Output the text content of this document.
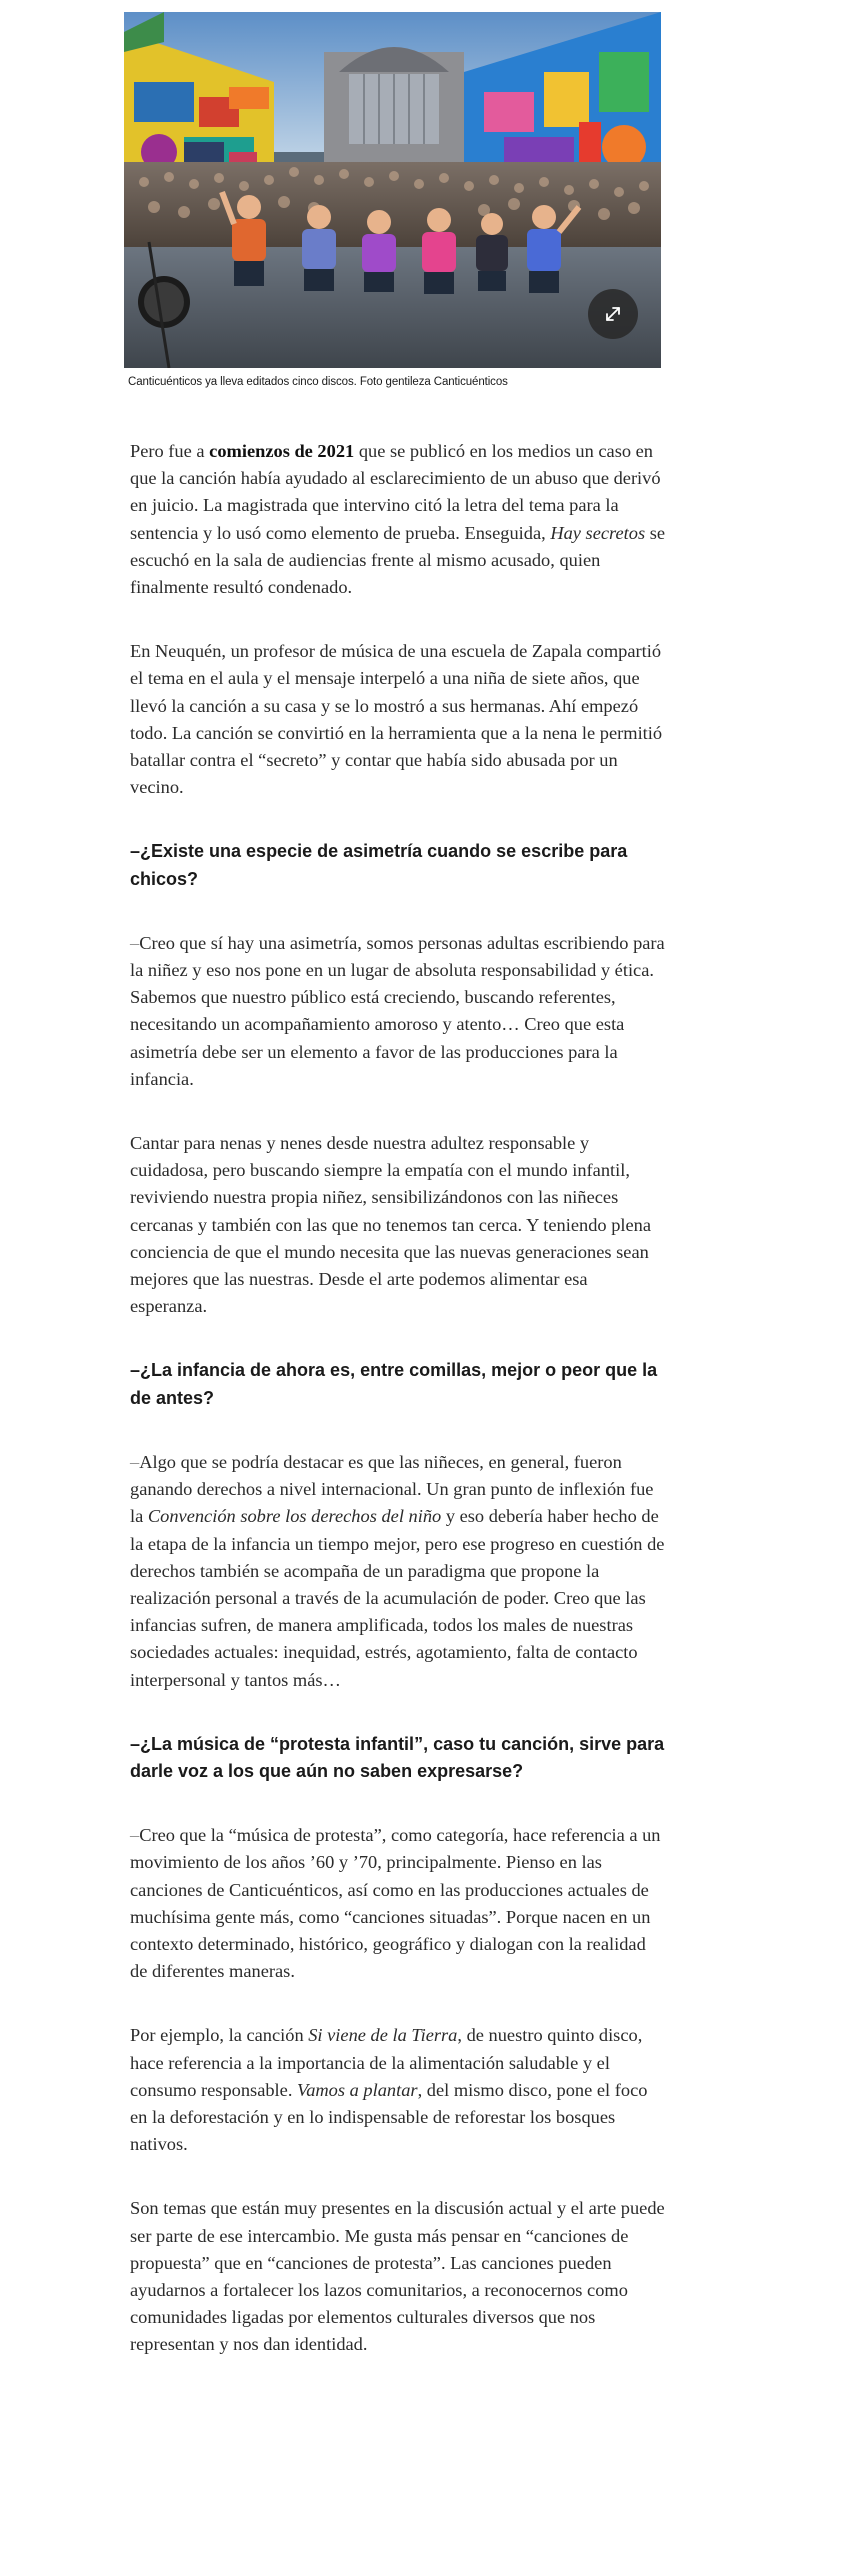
Canticuénticos ya lleva editados cinco discos. Foto gentileza Canticuénticos

Pero fue a comienzos de 2021 que se publicó en los medios un caso en que la canción había ayudado al esclarecimiento de un abuso que derivó en juicio. La magistrada que intervino citó la letra del tema para la sentencia y lo usó como elemento de prueba. Enseguida, Hay secretos se escuchó en la sala de audiencias frente al mismo acusado, quien finalmente resultó condenado.

En Neuquén, un profesor de música de una escuela de Zapala compartió el tema en el aula y el mensaje interpeló a una niña de siete años, que llevó la canción a su casa y se lo mostró a sus hermanas. Ahí empezó todo. La canción se convirtió en la herramienta que a la nena le permitió batallar contra el “secreto” y contar que había sido abusada por un vecino.

–¿Existe una especie de asimetría cuando se escribe para chicos?

–Creo que sí hay una asimetría, somos personas adultas escribiendo para la niñez y eso nos pone en un lugar de absoluta responsabilidad y ética. Sabemos que nuestro público está creciendo, buscando referentes, necesitando un acompañamiento amoroso y atento… Creo que esta asimetría debe ser un elemento a favor de las producciones para la infancia.

Cantar para nenas y nenes desde nuestra adultez responsable y cuidadosa, pero buscando siempre la empatía con el mundo infantil, reviviendo nuestra propia niñez, sensibilizándonos con las niñeces cercanas y también con las que no tenemos tan cerca. Y teniendo plena conciencia de que el mundo necesita que las nuevas generaciones sean mejores que las nuestras. Desde el arte podemos alimentar esa esperanza.

–¿La infancia de ahora es, entre comillas, mejor o peor que la de antes?

–Algo que se podría destacar es que las niñeces, en general, fueron ganando derechos a nivel internacional. Un gran punto de inflexión fue la Convención sobre los derechos del niño y eso debería haber hecho de la etapa de la infancia un tiempo mejor, pero ese progreso en cuestión de derechos también se acompaña de un paradigma que propone la realización personal a través de la acumulación de poder. Creo que las infancias sufren, de manera amplificada, todos los males de nuestras sociedades actuales: inequidad, estrés, agotamiento, falta de contacto interpersonal y tantos más…

–¿La música de “protesta infantil”, caso tu canción, sirve para darle voz a los que aún no saben expresarse?

–Creo que la “música de protesta”, como categoría, hace referencia a un movimiento de los años ’60 y ’70, principalmente. Pienso en las canciones de Canticuénticos, así como en las producciones actuales de muchísima gente más, como “canciones situadas”. Porque nacen en un contexto determinado, histórico, geográfico y dialogan con la realidad de diferentes maneras.

Por ejemplo, la canción Si viene de la Tierra, de nuestro quinto disco, hace referencia a la importancia de la alimentación saludable y el consumo responsable. Vamos a plantar, del mismo disco, pone el foco en la deforestación y en lo indispensable de reforestar los bosques nativos.

Son temas que están muy presentes en la discusión actual y el arte puede ser parte de ese intercambio. Me gusta más pensar en “canciones de propuesta” que en “canciones de protesta”. Las canciones pueden ayudarnos a fortalecer los lazos comunitarios, a reconocernos como comunidades ligadas por elementos culturales diversos que nos representan y nos dan identidad.
